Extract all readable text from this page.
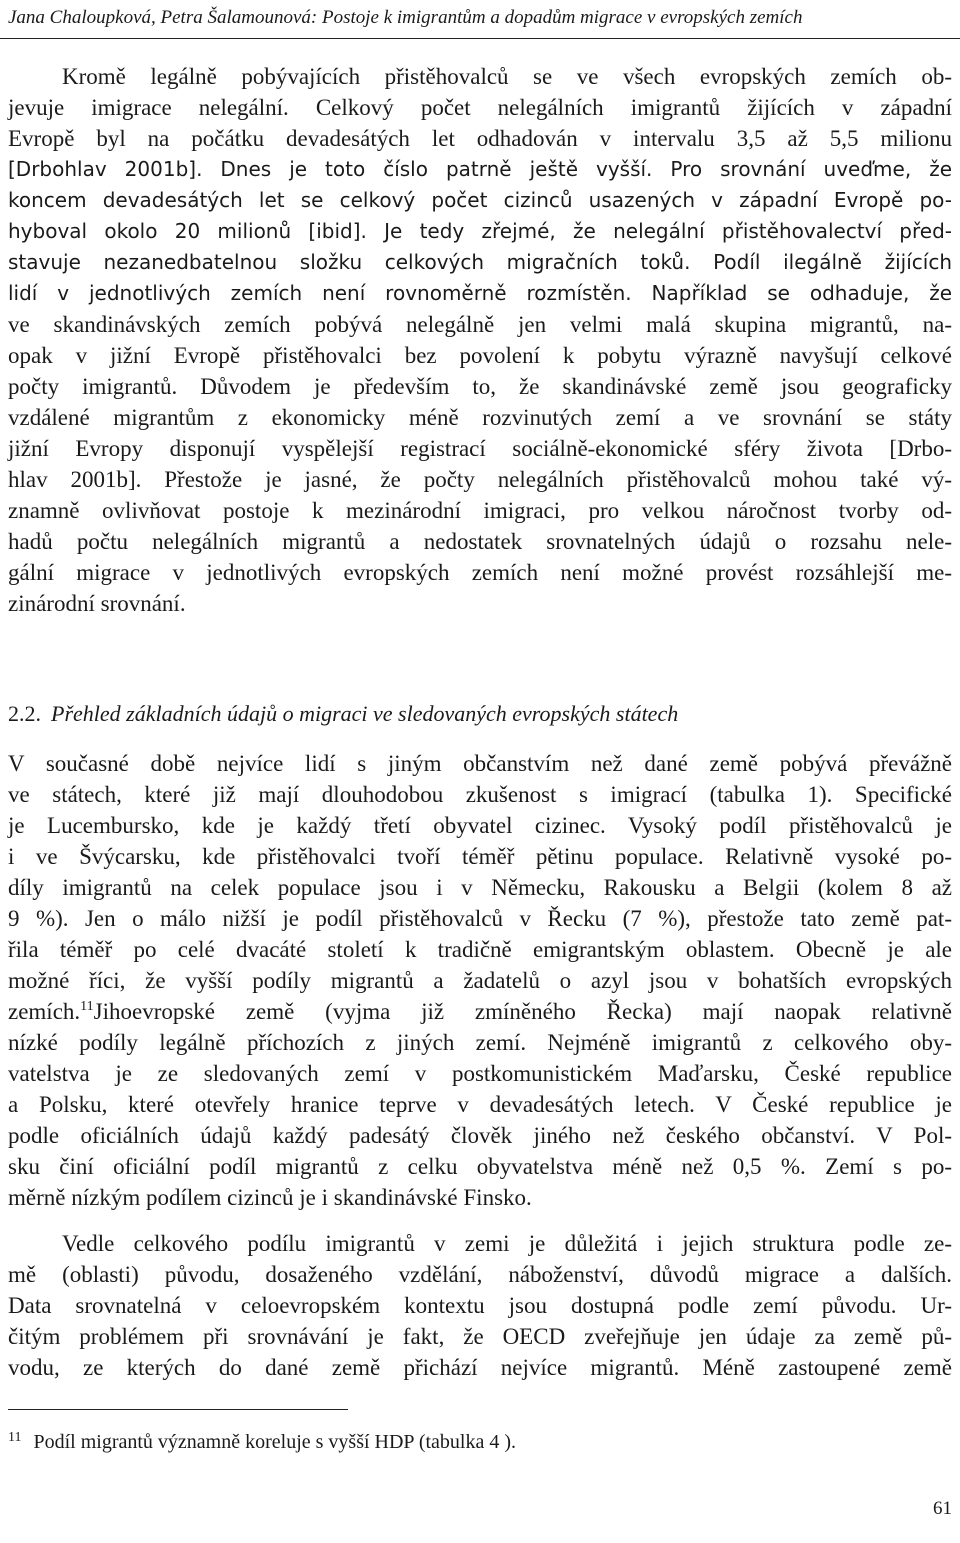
Jana Chaloupková, Petra Šalamounová: Postoje k imigrantům a dopadům migrace v evropských zemích
Kromě legálně pobývajících přistěhovalců se ve všech evropských zemích ob-
jevuje imigrace nelegální. Celkový počet nelegálních imigrantů žijících v západní
Evropě byl na počátku devadesátých let odhadován v intervalu 3,5 až 5,5 milionu
[Drbohlav 2001b]. Dnes je toto číslo patrně ještě vyšší. Pro srovnání uveďme, že
koncem devadesátých let se celkový počet cizinců usazených v západní Evropě po-
hyboval okolo 20 milionů [ibid]. Je tedy zřejmé, že nelegální přistěhovalectví před-
stavuje nezanedbatelnou složku celkových migračních toků. Podíl ilegálně žijících
lidí v jednotlivých zemích není rovnoměrně rozmístěn. Například se odhaduje, že
ve skandinávských zemích pobývá nelegálně jen velmi malá skupina migrantů, na-
opak v jižní Evropě přistěhovalci bez povolení k pobytu výrazně navyšují celkové
počty imigrantů. Důvodem je především to, že skandinávské země jsou geograficky
vzdálené migrantům z ekonomicky méně rozvinutých zemí a ve srovnání se státy
jižní Evropy disponují vyspělejší registrací sociálně-ekonomické sféry života [Drbo-
hlav 2001b]. Přestože je jasné, že počty nelegálních přistěhovalců mohou také vý-
znamně ovlivňovat postoje k mezinárodní imigraci, pro velkou náročnost tvorby od-
hadů počtu nelegálních migrantů a nedostatek srovnatelných údajů o rozsahu nele-
gální migrace v jednotlivých evropských zemích není možné provést rozsáhlejší me-
zinárodní srovnání.
2.2. Přehled základních údajů o migraci ve sledovaných evropských státech
V současné době nejvíce lidí s jiným občanstvím než dané země pobývá převážně
ve státech, které již mají dlouhodobou zkušenost s imigrací (tabulka 1). Specifické
je Lucembursko, kde je každý třetí obyvatel cizinec. Vysoký podíl přistěhovalců je
i ve Švýcarsku, kde přistěhovalci tvoří téměř pětinu populace. Relativně vysoké po-
díly imigrantů na celek populace jsou i v Německu, Rakousku a Belgii (kolem 8 až
9 %). Jen o málo nižší je podíl přistěhovalců v Řecku (7 %), přestože tato země pat-
řila téměř po celé dvacáté století k tradičně emigrantským oblastem. Obecně je ale
možné říci, že vyšší podíly migrantů a žadatelů o azyl jsou v bohatších evropských
zemích.$^{11}$ Jihoevropské země (vyjma již zmíněného Řecka) mají naopak relativně
nízké podíly legálně příchozích z jiných zemí. Nejméně imigrantů z celkového oby-
vatelstva je ze sledovaných zemí v postkomunistickém Maďarsku, České republice
a Polsku, které otevřely hranice teprve v devadesátých letech. V České republice je
podle oficiálních údajů každý padesátý člověk jiného než českého občanství. V Pol-
sku činí oficiální podíl migrantů z celku obyvatelstva méně než 0,5 %. Zemí s po-
měrně nízkým podílem cizinců je i skandinávské Finsko.
Vedle celkového podílu imigrantů v zemi je důležitá i jejich struktura podle ze-
mě (oblasti) původu, dosaženého vzdělání, náboženství, důvodů migrace a dalších.
Data srovnatelná v celoevropském kontextu jsou dostupná podle zemí původu. Ur-
čitým problémem při srovnávání je fakt, že OECD zveřejňuje jen údaje za země pů-
vodu, ze kterých do dané země přichází nejvíce migrantů. Méně zastoupené země
$^{11}$ Podíl migrantů významně koreluje s vyšší HDP (tabulka 4 ).
61
